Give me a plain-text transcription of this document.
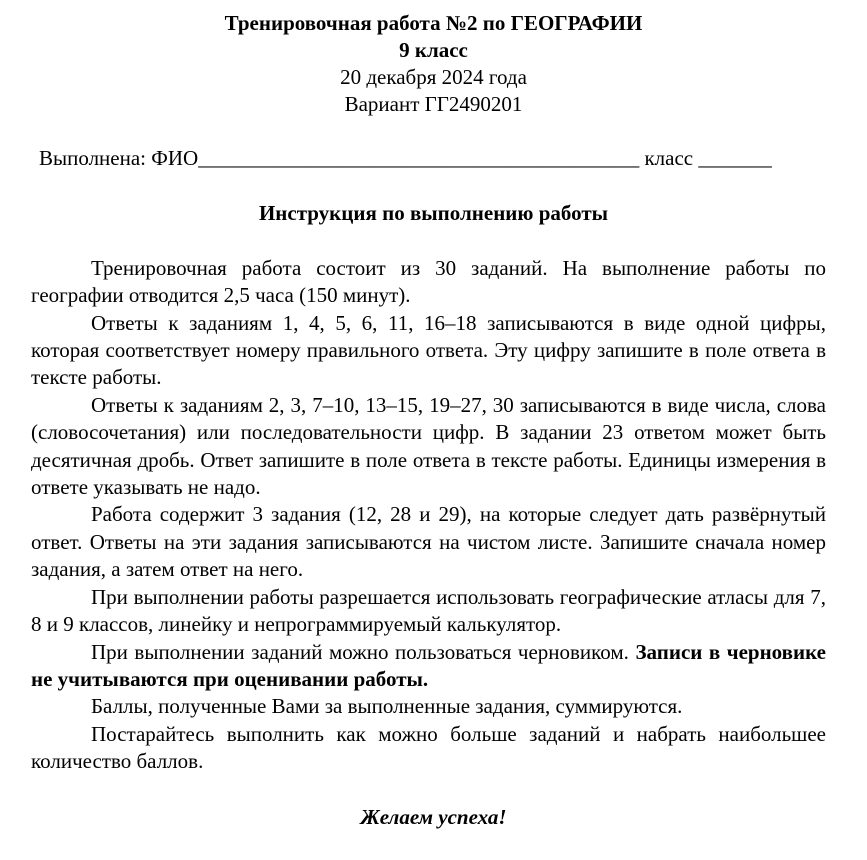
Тренировочная работа №2 по ГЕОГРАФИИ
9 класс
20 декабря 2024 года
Вариант ГГ2490201
Выполнена: ФИО__________________________________________ класс _______
Инструкция по выполнению работы

Тренировочная работа состоит из 30 заданий. На выполнение работы по географии отводится 2,5 часа (150 минут).

Ответы к заданиям 1, 4, 5, 6, 11, 16–18 записываются в виде одной цифры, которая соответствует номеру правильного ответа. Эту цифру запишите в поле ответа в тексте работы.

Ответы к заданиям 2, 3, 7–10, 13–15, 19–27, 30 записываются в виде числа, слова (словосочетания) или последовательности цифр. В задании 23 ответом может быть десятичная дробь. Ответ запишите в поле ответа в тексте работы. Единицы измерения в ответе указывать не надо.

Работа содержит 3 задания (12, 28 и 29), на которые следует дать развёрнутый ответ. Ответы на эти задания записываются на чистом листе. Запишите сначала номер задания, а затем ответ на него.

При выполнении работы разрешается использовать географические атласы для 7, 8 и 9 классов, линейку и непрограммируемый калькулятор.

При выполнении заданий можно пользоваться черновиком. Записи в черновике не учитываются при оценивании работы.

Баллы, полученные Вами за выполненные задания, суммируются.

Постарайтесь выполнить как можно больше заданий и набрать наибольшее количество баллов.

Желаем успеха!
